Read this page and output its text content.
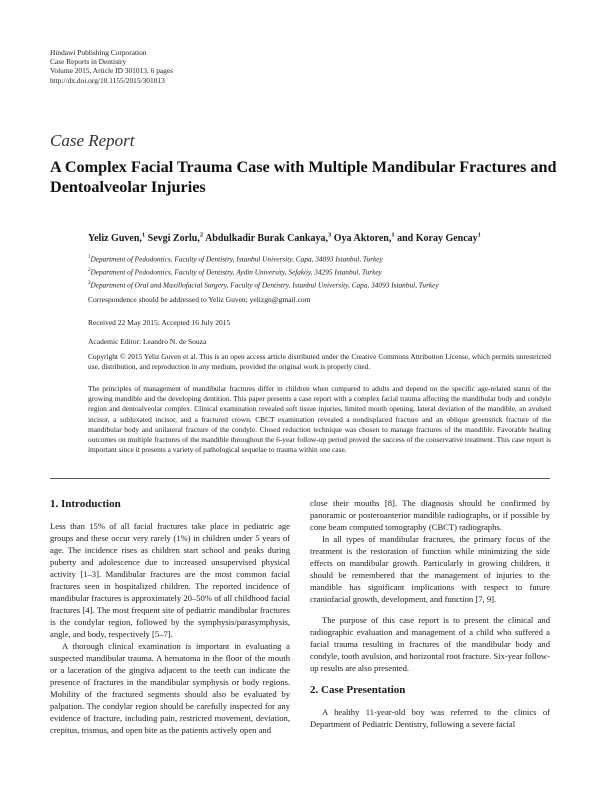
Hindawi Publishing Corporation
Case Reports in Dentistry
Volume 2015, Article ID 301013, 6 pages
http://dx.doi.org/10.1155/2015/301013
Case Report
A Complex Facial Trauma Case with Multiple Mandibular Fractures and Dentoalveolar Injuries
Yeliz Guven,$^1$ Sevgi Zorlu,$^2$ Abdulkadir Burak Cankaya,$^3$ Oya Aktoren,$^1$ and Koray Gencay$^1$
$^1$Department of Pedodontics, Faculty of Dentistry, Istanbul University, Capa, 34093 Istanbul, Turkey
$^2$Department of Pedodontics, Faculty of Dentistry, Aydin University, Sefaköy, 34295 Istanbul, Turkey
$^3$Department of Oral and Maxillofacial Surgery, Faculty of Dentistry, Istanbul University, Capa, 34093 Istanbul, Turkey
Correspondence should be addressed to Yeliz Guven; yelizgn@gmail.com
Received 22 May 2015; Accepted 16 July 2015
Academic Editor: Leandro N. de Souza
Copyright © 2015 Yeliz Guven et al. This is an open access article distributed under the Creative Commons Attribution License, which permits unrestricted use, distribution, and reproduction in any medium, provided the original work is properly cited.
The principles of management of mandibular fractures differ in children when compared to adults and depend on the specific age-related status of the growing mandible and the developing dentition. This paper presents a case report with a complex facial trauma affecting the mandibular body and condyle region and dentoalveolar complex. Clinical examination revealed soft tissue injuries, limited mouth opening, lateral deviation of the mandible, an avulsed incisor, a subluxated incisor, and a fractured crown. CBCT examination revealed a nondisplaced fracture and an oblique greenstick fracture of the mandibular body and unilateral fracture of the condyle. Closed reduction technique was chosen to manage fractures of the mandible. Favorable healing outcomes on multiple fractures of the mandible throughout the 6-year follow-up period proved the success of the conservative treatment. This case report is important since it presents a variety of pathological sequelae to trauma within one case.
1. Introduction

Less than 15% of all facial fractures take place in pediatric age groups and these occur very rarely (1%) in children under 5 years of age. The incidence rises as children start school and peaks during puberty and adolescence due to increased unsupervised physical activity [1–3]. Mandibular fractures are the most common facial fractures seen in hospitalized children. The reported incidence of mandibular fractures is approximately 20–50% of all childhood facial fractures [4]. The most frequent site of pediatric mandibular fractures is the condylar region, followed by the symphysis/parasymphysis, angle, and body, respectively [5–7].

A thorough clinical examination is important in evaluating a suspected mandibular trauma. A hematoma in the floor of the mouth or a laceration of the gingiva adjacent to the teeth can indicate the presence of fractures in the mandibular symphysis or body regions. Mobility of the fractured segments should also be evaluated by palpation. The condylar region should be carefully inspected for any evidence of fracture, including pain, restricted movement, deviation, crepitus, trismus, and open bite as the patients actively open and

close their mouths [8]. The diagnosis should be confirmed by panoramic or posteroanterior mandible radiographs, or if possible by cone beam computed tomography (CBCT) radiographs.

In all types of mandibular fractures, the primary focus of the treatment is the restoration of function while minimizing the side effects on mandibular growth. Particularly in growing children, it should be remembered that the management of injuries to the mandible has significant implications with respect to future craniofacial growth, development, and function [7, 9].

The purpose of this case report is to present the clinical and radiographic evaluation and management of a child who suffered a facial trauma resulting in fractures of the mandibular body and condyle, tooth avulsion, and horizontal root fracture. Six-year follow-up results are also presented.

2. Case Presentation

A healthy 11-year-old boy was referred to the clinics of Department of Pediatric Dentistry, following a severe facial
